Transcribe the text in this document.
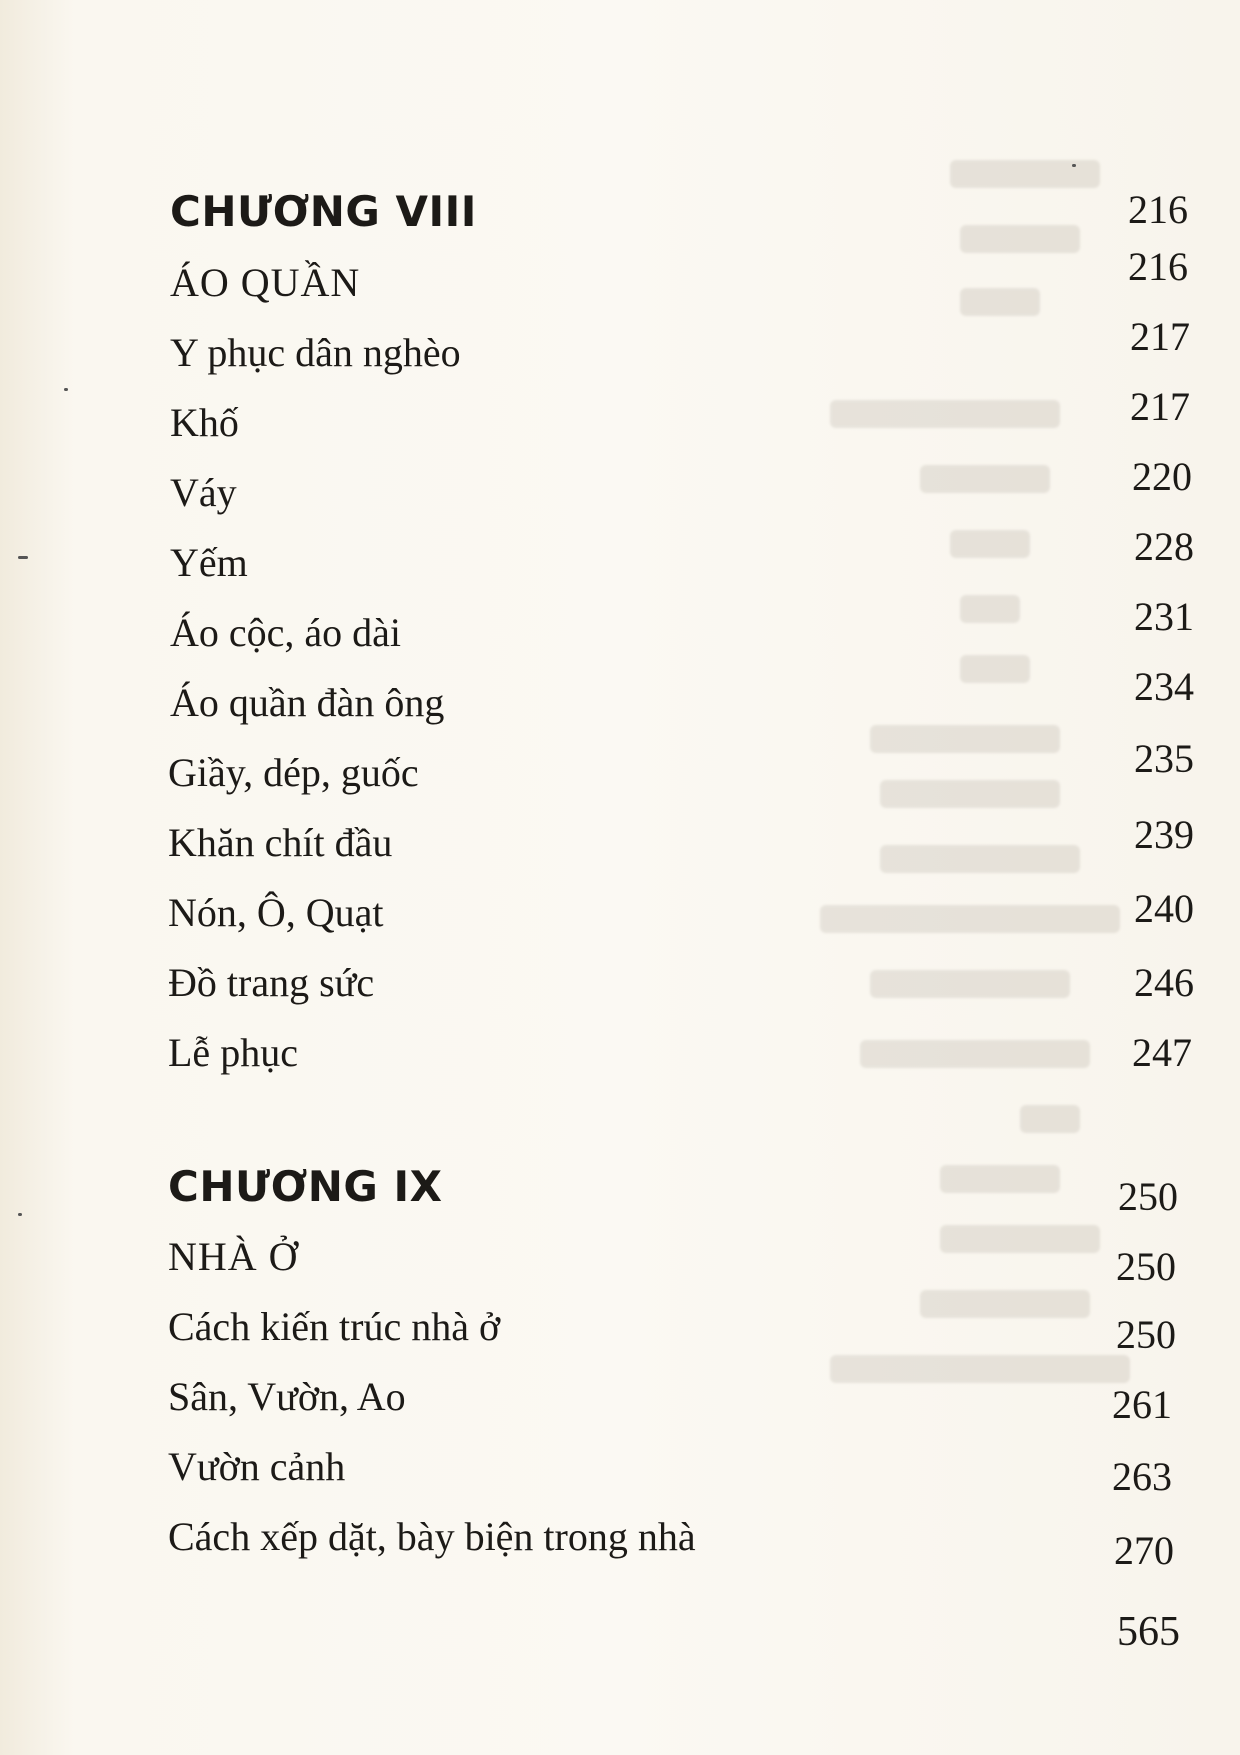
CHƯƠNG VIII	216
ÁO QUẦN	216
Y phục dân nghèo	217
Khố	217
Váy	220
Yếm	228
Áo cộc, áo dài	231
Áo quần đàn ông	234
Giầy, dép, guốc	235
Khăn chít đầu	239
Nón, Ô, Quạt	240
Đồ trang sức	246
Lễ phục	247
CHƯƠNG IX	250
NHÀ Ở	250
Cách kiến trúc nhà ở	250
Sân, Vườn, Ao	261
Vườn cảnh	263
Cách xếp dặt, bày biện trong nhà	270
565
